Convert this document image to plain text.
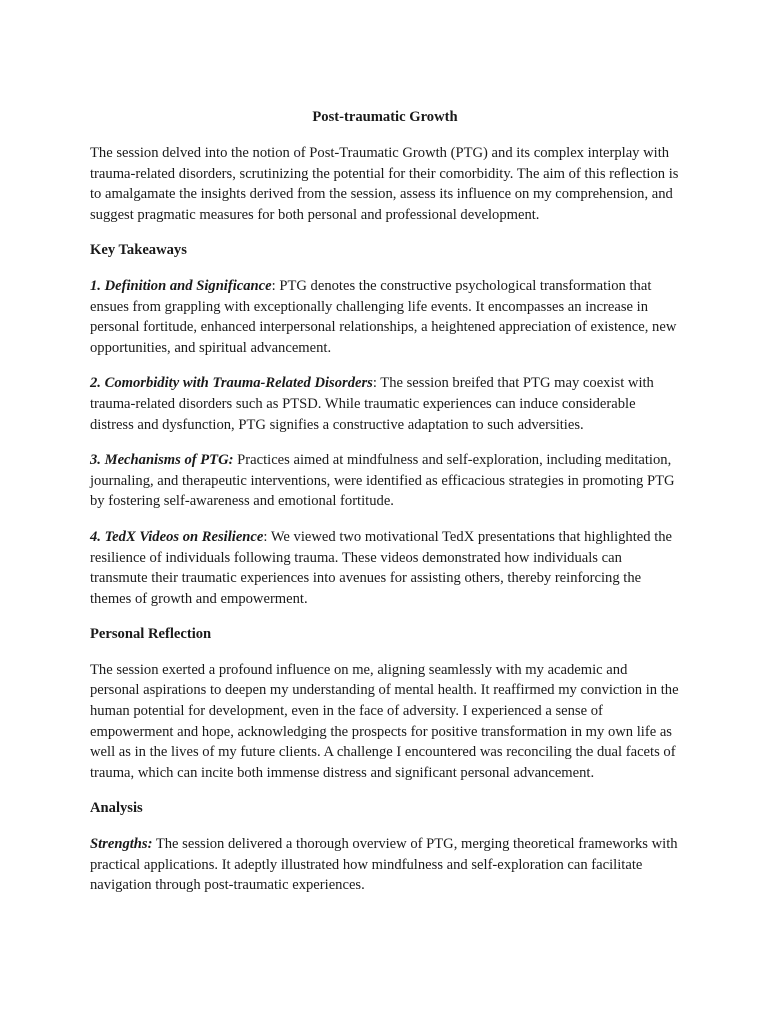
Post-traumatic Growth

The session delved into the notion of Post-Traumatic Growth (PTG) and its complex interplay with trauma-related disorders, scrutinizing the potential for their comorbidity. The aim of this reflection is to amalgamate the insights derived from the session, assess its influence on my comprehension, and suggest pragmatic measures for both personal and professional development.

Key Takeaways

1. Definition and Significance: PTG denotes the constructive psychological transformation that ensues from grappling with exceptionally challenging life events. It encompasses an increase in personal fortitude, enhanced interpersonal relationships, a heightened appreciation of existence, new opportunities, and spiritual advancement.

2. Comorbidity with Trauma-Related Disorders: The session breifed that PTG may coexist with trauma-related disorders such as PTSD. While traumatic experiences can induce considerable distress and dysfunction, PTG signifies a constructive adaptation to such adversities.

3. Mechanisms of PTG: Practices aimed at mindfulness and self-exploration, including meditation, journaling, and therapeutic interventions, were identified as efficacious strategies in promoting PTG by fostering self-awareness and emotional fortitude.

4. TedX Videos on Resilience: We viewed two motivational TedX presentations that highlighted the resilience of individuals following trauma. These videos demonstrated how individuals can transmute their traumatic experiences into avenues for assisting others, thereby reinforcing the themes of growth and empowerment.

Personal Reflection

The session exerted a profound influence on me, aligning seamlessly with my academic and personal aspirations to deepen my understanding of mental health. It reaffirmed my conviction in the human potential for development, even in the face of adversity. I experienced a sense of empowerment and hope, acknowledging the prospects for positive transformation in my own life as well as in the lives of my future clients. A challenge I encountered was reconciling the dual facets of trauma, which can incite both immense distress and significant personal advancement.

Analysis

Strengths: The session delivered a thorough overview of PTG, merging theoretical frameworks with practical applications. It adeptly illustrated how mindfulness and self-exploration can facilitate navigation through post-traumatic experiences.
